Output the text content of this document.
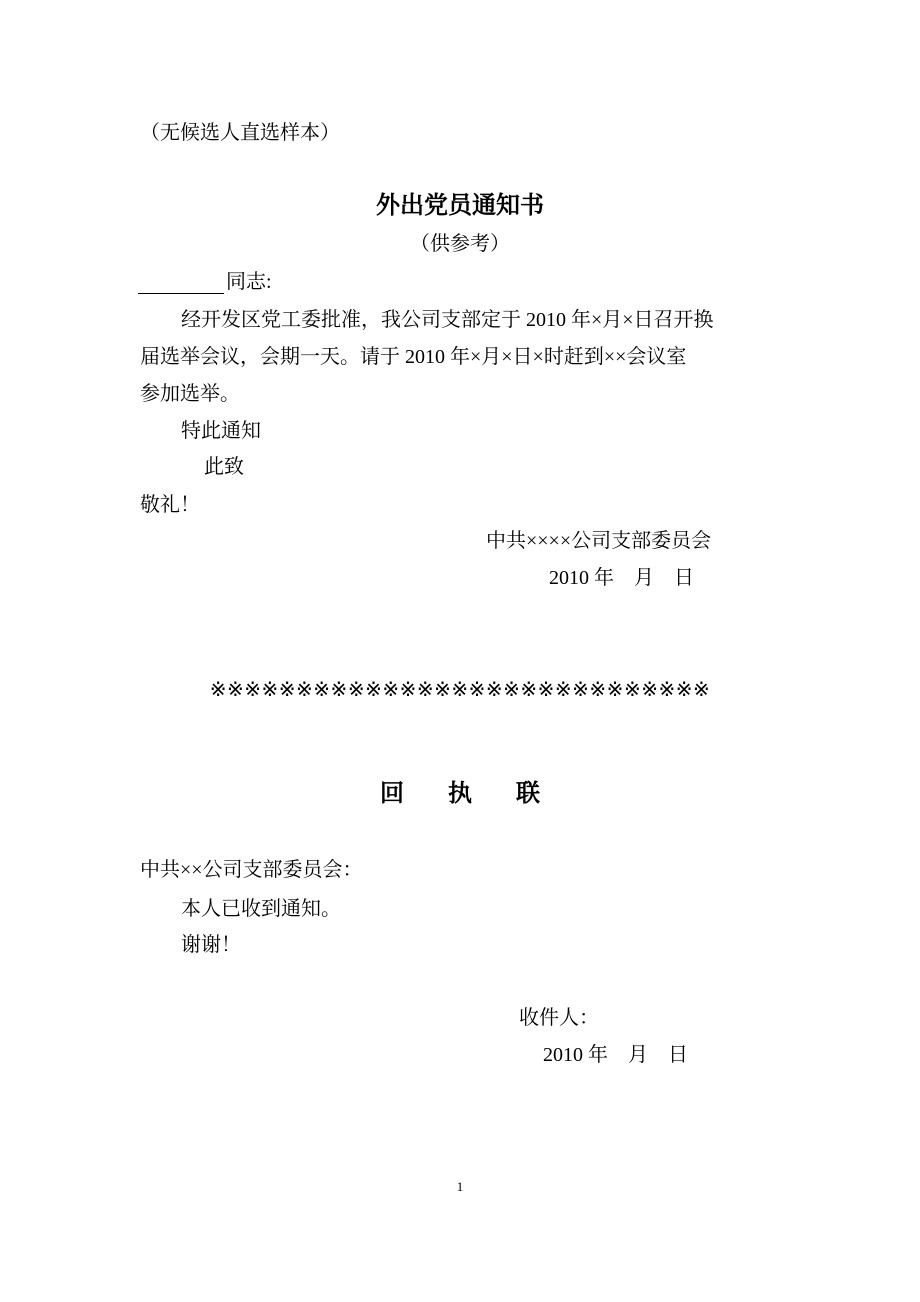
（无候选人直选样本）
外出党员通知书
（供参考）
同志:
经开发区党工委批准，我公司支部定于 2010 年×月×日召开换
届选举会议，会期一天。请于 2010 年×月×日×时赶到××会议室
参加选举。
特此通知
此致
敬礼！
中共××××公司支部委员会
2010 年　月　日
※※※※※※※※※※※※※※※※※※※※※※※※※※※※※
回 执 联
中共××公司支部委员会：
本人已收到通知。
谢谢！
收件人：
2010 年　月　日
1
